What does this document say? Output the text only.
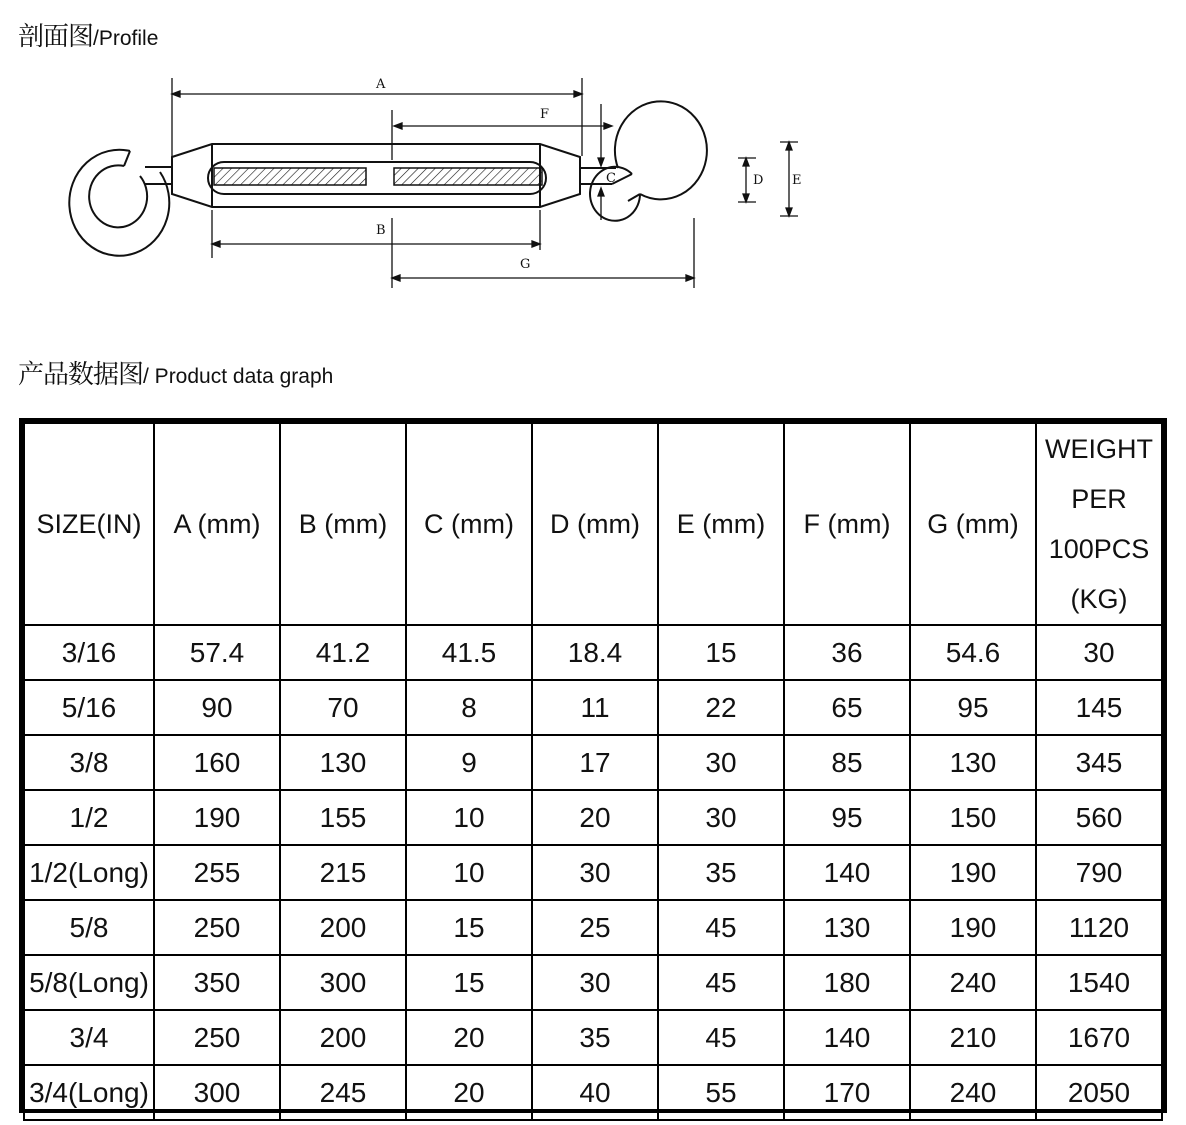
剖面图/Profile
A
F
C	D E
B
G
产品数据图/ Product data graph
SIZE(IN)	A (mm)	B (mm)	C (mm)	D (mm)	E (mm)	F (mm)	G (mm)	WEIGHT PER 100PCS (KG)
3/16	57.4	41.2	41.5	18.4	15	36	54.6	30
5/16	90	70	8	11	22	65	95	145
3/8	160	130	9	17	30	85	130	345
1/2	190	155	10	20	30	95	150	560
1/2(Long)	255	215	10	30	35	140	190	790
5/8	250	200	15	25	45	130	190	1120
5/8(Long)	350	300	15	30	45	180	240	1540
3/4	250	200	20	35	45	140	210	1670
3/4(Long)	300	245	20	40	55	170	240	2050
